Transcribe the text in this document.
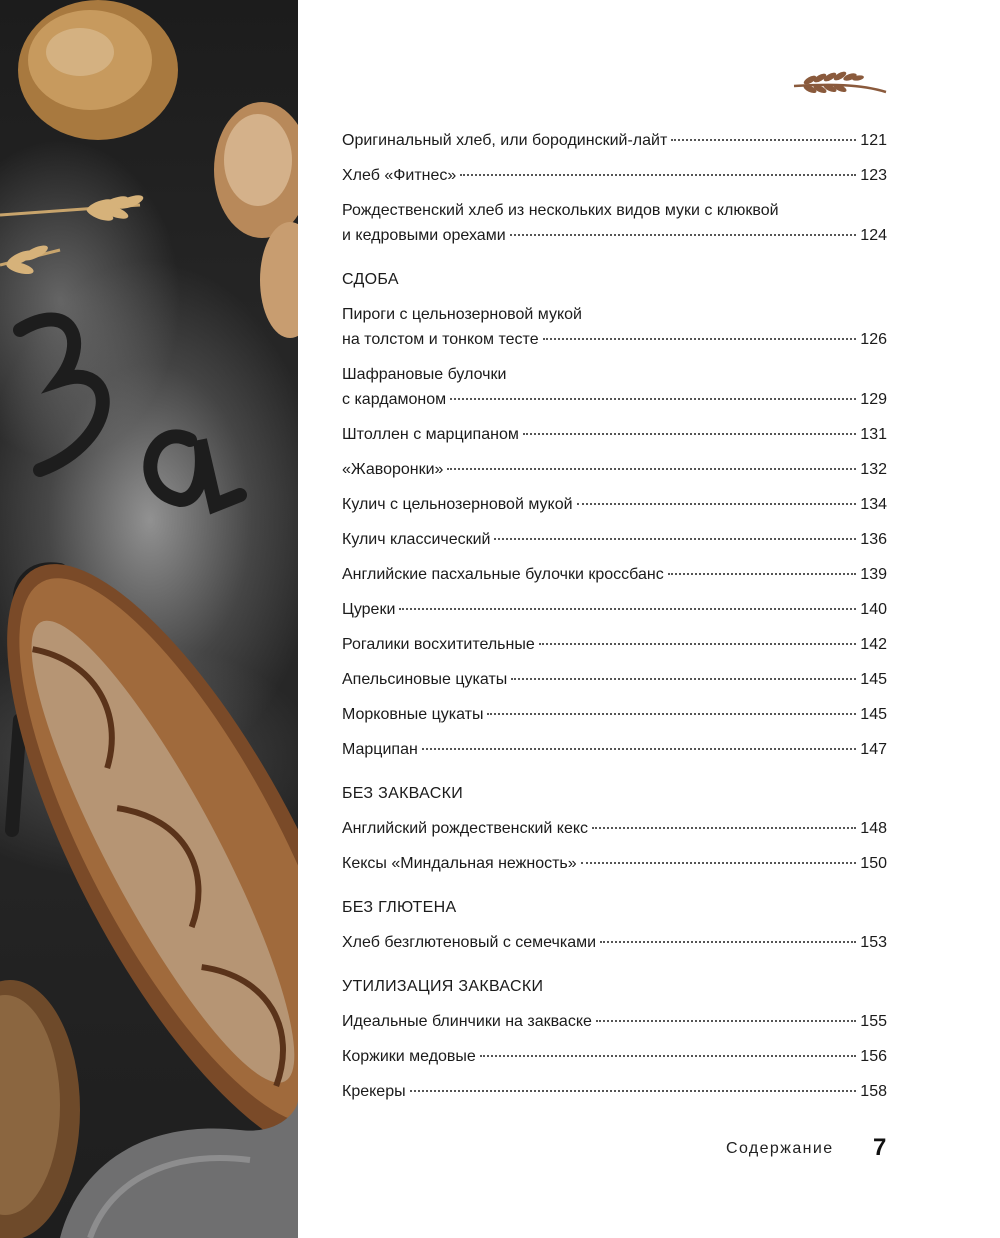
Оригинальный хлеб, или бородинский-лайт	121
Хлеб «Фитнес»	123
Рождественский хлеб из нескольких видов муки с клюквой
и кедровыми орехами	124
СДОБА
Пироги с цельнозерновой мукой
на толстом и тонком тесте	126
Шафрановые булочки
с кардамоном	129
Штоллен с марципаном	131
«Жаворонки»	132
Кулич с цельнозерновой мукой	134
Кулич классический	136
Английские пасхальные булочки кроссбанс	139
Цуреки	140
Рогалики восхитительные	142
Апельсиновые цукаты	145
Морковные цукаты	145
Марципан	147
БЕЗ ЗАКВАСКИ
Английский рождественский кекс	148
Кексы «Миндальная нежность»	150
БЕЗ ГЛЮТЕНА
Хлеб безглютеновый с семечками	153
УТИЛИЗАЦИЯ ЗАКВАСКИ
Идеальные блинчики на закваске	155
Коржики медовые	156
Крекеры	158
Содержание 7
